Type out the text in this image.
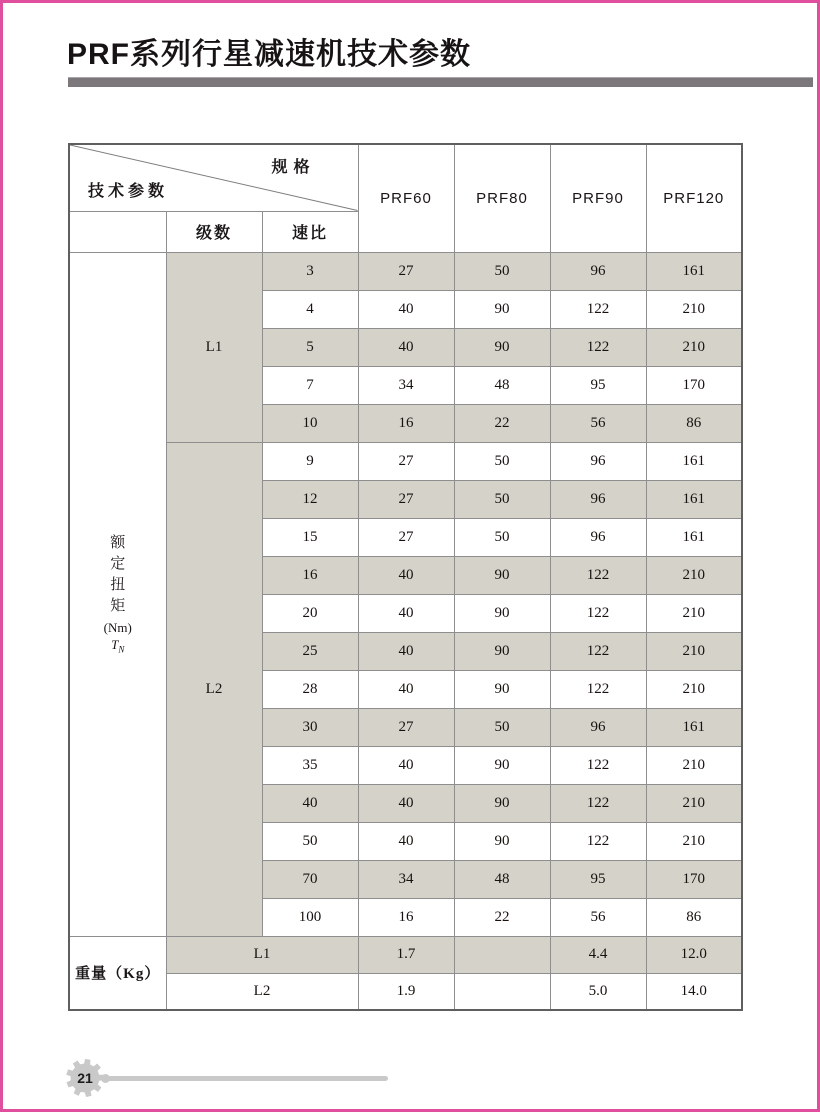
PRF系列行星减速机技术参数
规格
技术参数			PRF60	PRF80	PRF90	PRF120
	级数	速比				

额定扭矩
(Nm)
$T_N$	L1	3	27	50	96	161
		4	40	90	122	210
		5	40	90	122	210
		7	34	48	95	170
		10	16	22	56	86
	L2	9	27	50	96	161
		12	27	50	96	161
		15	27	50	96	161
		16	40	90	122	210
		20	40	90	122	210
		25	40	90	122	210
		28	40	90	122	210
		30	27	50	96	161
		35	40	90	122	210
		40	40	90	122	210
		50	40	90	122	210
		70	34	48	95	170
		100	16	22	56	86
重量（Kg）	L1		1.7		4.4	12.0
	L2		1.9		5.0	14.0
21
